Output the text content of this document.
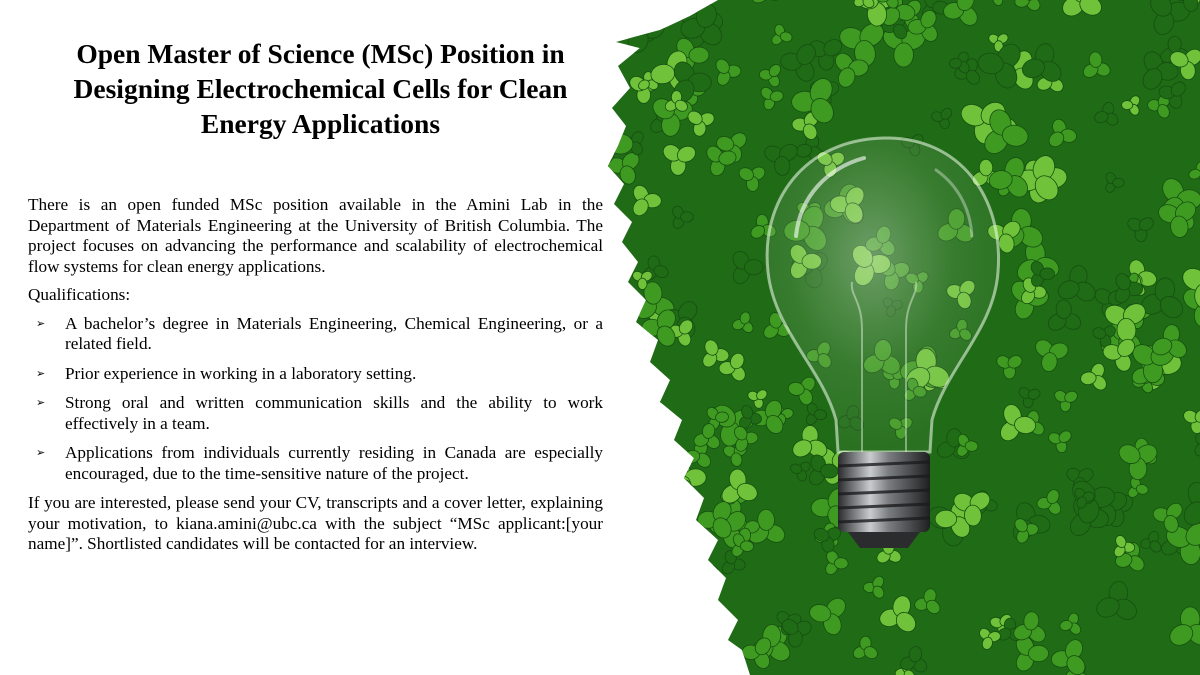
Open Master of Science (MSc) Position in Designing Electrochemical Cells for Clean Energy Applications

There is an open funded MSc position available in the Amini Lab in the Department of Materials Engineering at the University of British Columbia. The project focuses on advancing the performance and scalability of electrochemical flow systems for clean energy applications.

Qualifications:

➢ A bachelor’s degree in Materials Engineering, Chemical Engineering, or a related field.
➢ Prior experience in working in a laboratory setting.
➢ Strong oral and written communication skills and the ability to work effectively in a team.
➢ Applications from individuals currently residing in Canada are especially encouraged, due to the time-sensitive nature of the project.

If you are interested, please send your CV, transcripts and a cover letter, explaining your motivation, to kiana.amini@ubc.ca with the subject “MSc applicant:[your name]”. Shortlisted candidates will be contacted for an interview.
